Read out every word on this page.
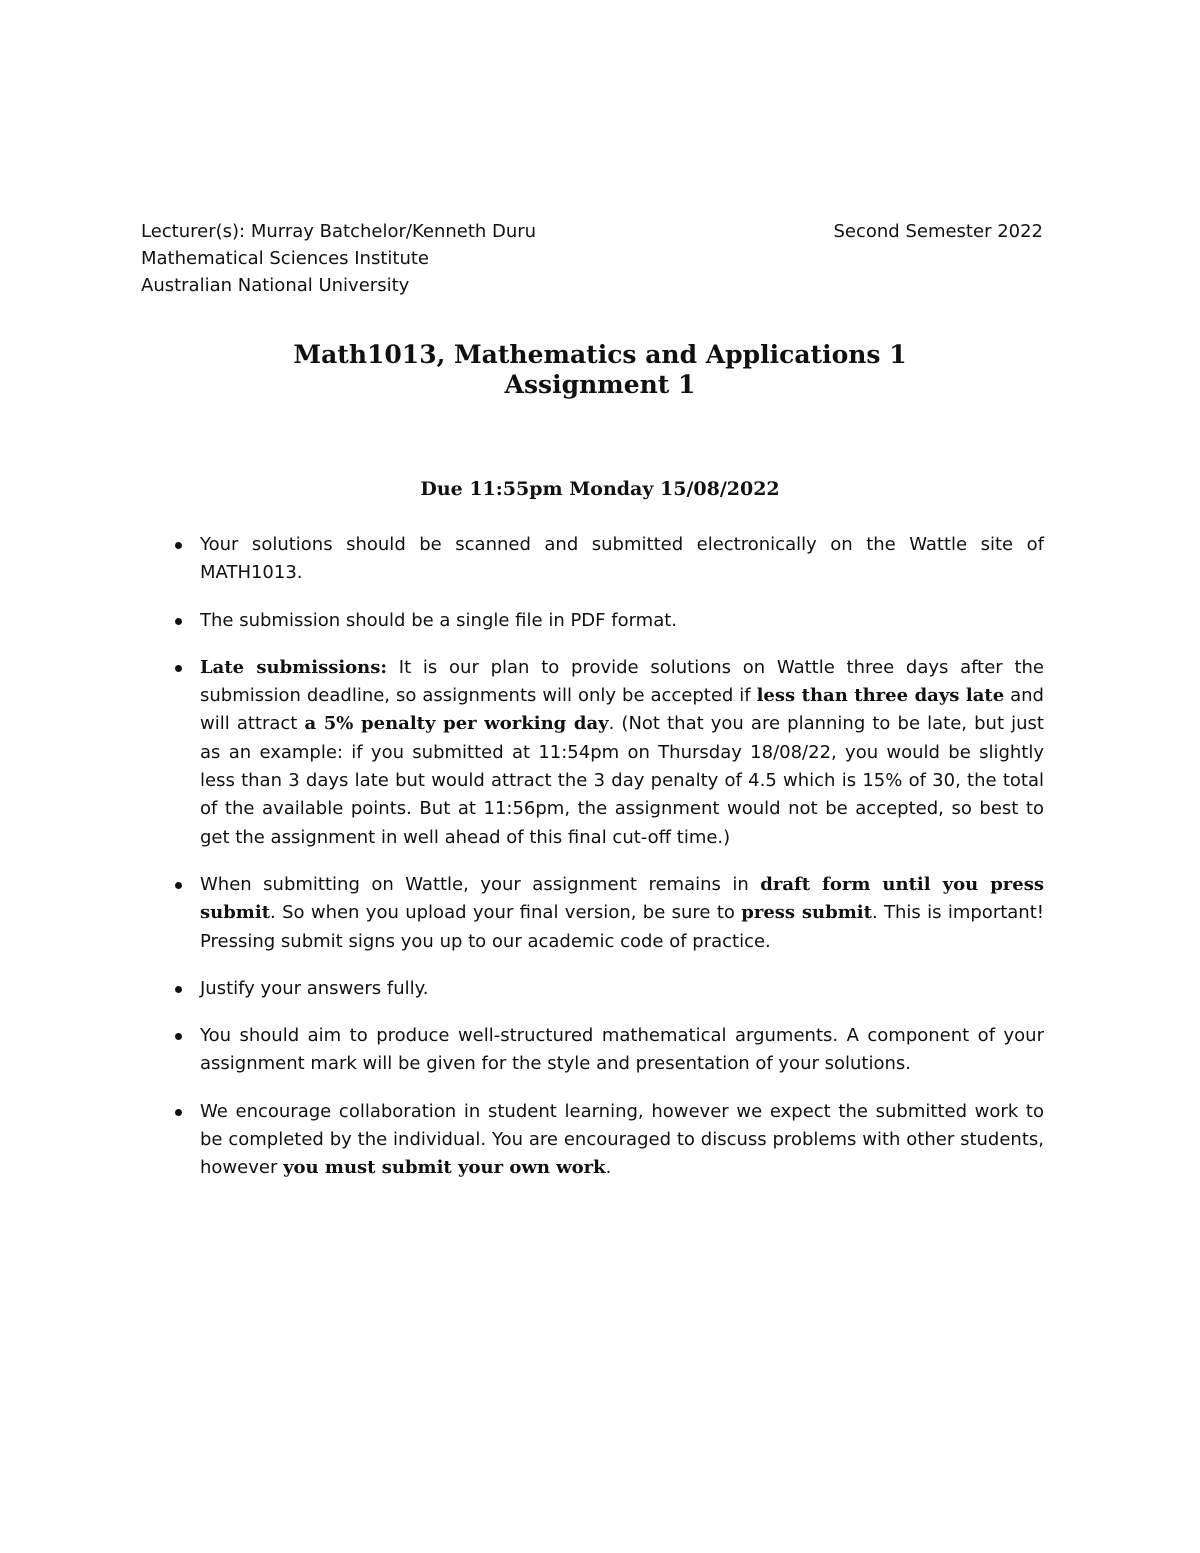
Lecturer(s): Murray Batchelor/Kenneth Duru	Second Semester 2022
Mathematical Sciences Institute
Australian National University
Math1013, Mathematics and Applications 1
Assignment 1
Due 11:55pm Monday 15/08/2022
Your solutions should be scanned and submitted electronically on the Wattle site of MATH1013.
The submission should be a single file in PDF format.
Late submissions: It is our plan to provide solutions on Wattle three days after the submission deadline, so assignments will only be accepted if less than three days late and will attract a 5% penalty per working day. (Not that you are planning to be late, but just as an example: if you submitted at 11:54pm on Thursday 18/08/22, you would be slightly less than 3 days late but would attract the 3 day penalty of 4.5 which is 15% of 30, the total of the available points. But at 11:56pm, the assignment would not be accepted, so best to get the assignment in well ahead of this final cut-off time.)
When submitting on Wattle, your assignment remains in draft form until you press submit. So when you upload your final version, be sure to press submit. This is important! Pressing submit signs you up to our academic code of practice.
Justify your answers fully.
You should aim to produce well-structured mathematical arguments. A component of your assignment mark will be given for the style and presentation of your solutions.
We encourage collaboration in student learning, however we expect the submitted work to be completed by the individual. You are encouraged to discuss problems with other students, however you must submit your own work.
